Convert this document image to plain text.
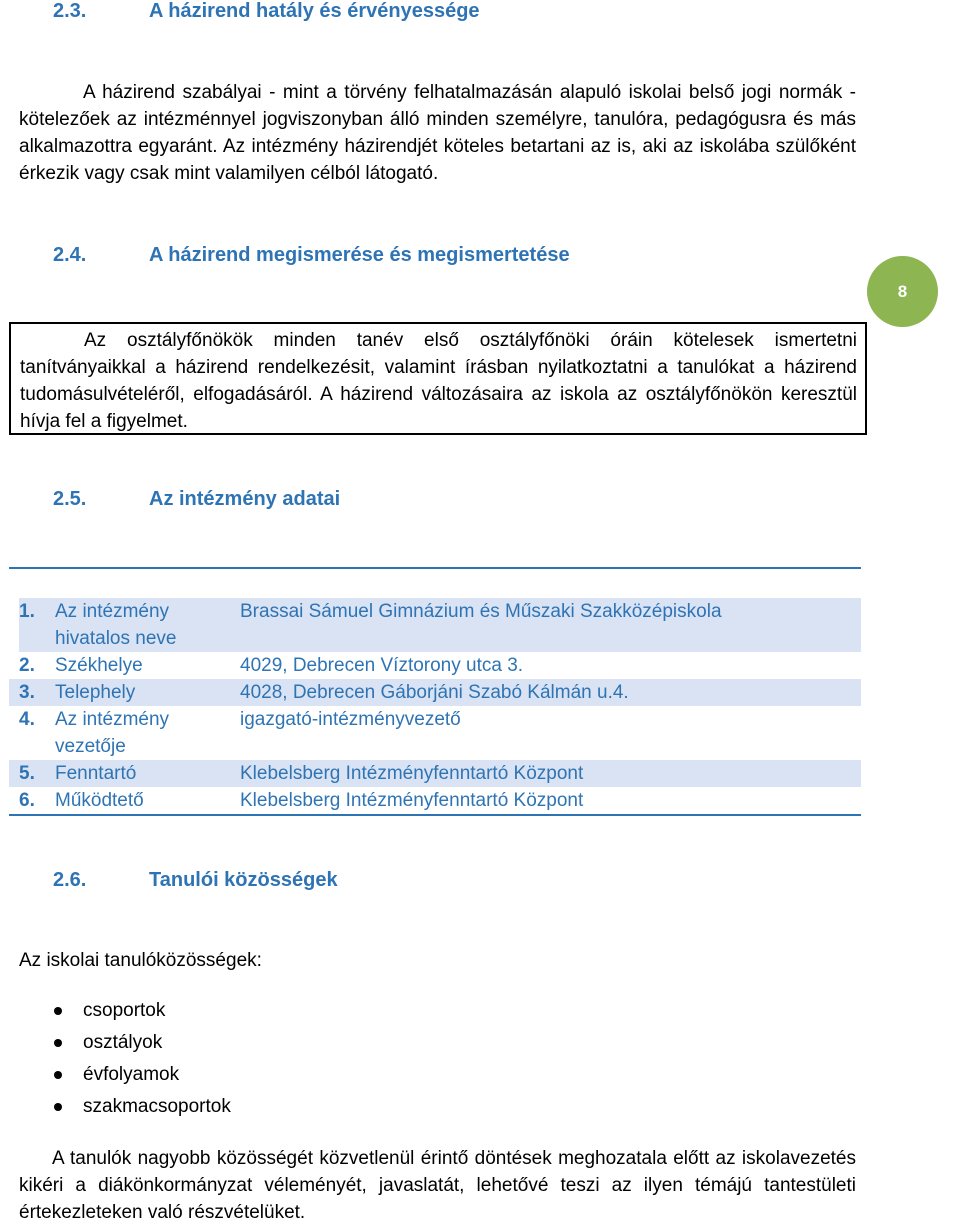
2.3.	A házirend hatály és érvényessége
A házirend szabályai - mint a törvény felhatalmazásán alapuló iskolai belső jogi normák - kötelezőek az intézménnyel jogviszonyban álló minden személyre, tanulóra, pedagógusra és más alkalmazottra egyaránt. Az intézmény házirendjét köteles betartani az is, aki az iskolába szülőként érkezik vagy csak mint valamilyen célból látogató.
2.4.	A házirend megismerése és megismertetése
8
Az osztályfőnökök minden tanév első osztályfőnöki óráin kötelesek ismertetni tanítványaikkal a házirend rendelkezésit, valamint írásban nyilatkoztatni a tanulókat a házirend tudomásulvételéről, elfogadásáról. A házirend változásaira az iskola az osztályfőnökön keresztül hívja fel a figyelmet.
2.5.	Az intézmény adatai
1.	Az intézmény hivatalos neve	Brassai Sámuel Gimnázium és Műszaki Szakközépiskola
2.	Székhelye	4029, Debrecen Víztorony utca 3.
3.	Telephely	4028, Debrecen Gáborjáni Szabó Kálmán u.4.
4.	Az intézmény vezetője	igazgató-intézményvezető
5.	Fenntartó	Klebelsberg Intézményfenntartó Központ
6.	Működtető	Klebelsberg Intézményfenntartó Központ
2.6.	Tanulói közösségek
Az iskolai tanulóközösségek:
csoportok
osztályok
évfolyamok
szakmacsoportok
A tanulók nagyobb közösségét közvetlenül érintő döntések meghozatala előtt az iskolavezetés kikéri a diákönkormányzat véleményét, javaslatát, lehetővé teszi az ilyen témájú tantestületi értekezleteken való részvételüket.
